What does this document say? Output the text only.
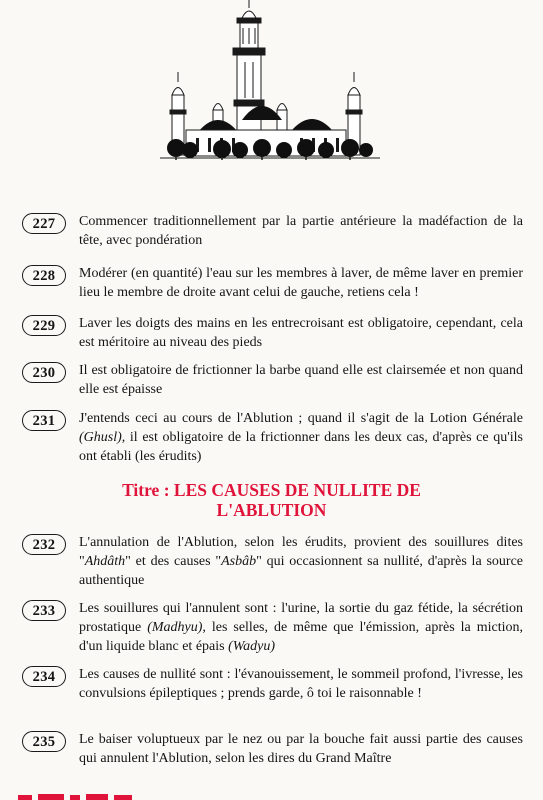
227	Commencer traditionnellement par la partie antérieure la madéfaction de la tête, avec pondération
228	Modérer (en quantité) l'eau sur les membres à laver, de même laver en premier lieu le membre de droite avant celui de gauche, retiens cela !
229	Laver les doigts des mains en les entrecroisant est obligatoire, cependant, cela est méritoire au niveau des pieds
230	Il est obligatoire de frictionner la barbe quand elle est clairsemée et non quand elle est épaisse
231	J'entends ceci au cours de l'Ablution ; quand il s'agit de la Lotion Générale (Ghusl), il est obligatoire de la frictionner dans les deux cas, d'après ce qu'ils ont établi (les érudits)
Titre : LES CAUSES DE NULLITE DE
L'ABLUTION
232	L'annulation de l'Ablution, selon les érudits, provient des souillures dites "Ahdâth" et des causes "Asbâb" qui occasionnent sa nullité, d'après la source authentique
233	Les souillures qui l'annulent sont : l'urine, la sortie du gaz fétide, la sécrétion prostatique (Madhyu), les selles, de même que l'émission, après la miction, d'un liquide blanc et épais (Wadyu)
234	Les causes de nullité sont : l'évanouissement, le sommeil profond, l'ivresse, les convulsions épileptiques ; prends garde, ô toi le raisonnable !
235	Le baiser voluptueux par le nez ou par la bouche fait aussi partie des causes qui annulent l'Ablution, selon les dires du Grand Maître
